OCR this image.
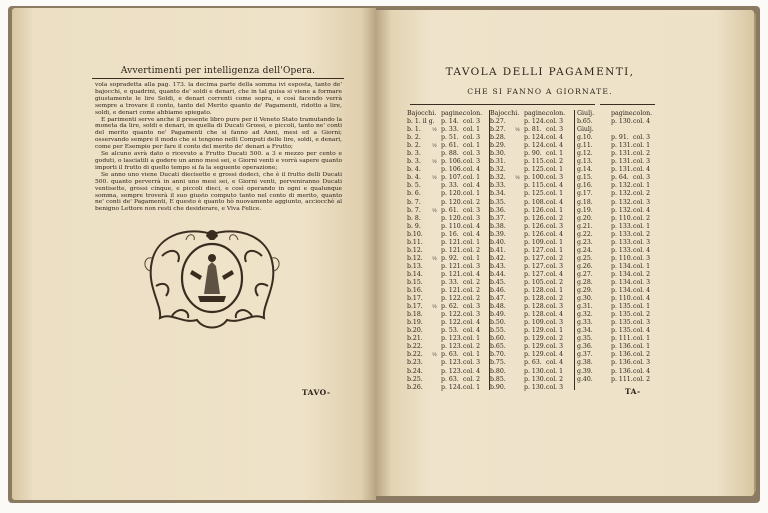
Avvertimenti per intelligenza dell'Opera.

vola sopradetta alla pag. 173. la decima parte della somma ivi esposta, tanto de' bajocchi, e quadrini, quanto de' soldi e denari, che in tal guisa si viene a formare giustamente le lire Soldi, e denari correnti come sopra, e così facendo verrà sempre a trovare il conto, tanto del Merito quanto de' Pagamenti, ridotto a lire, soldi, e denari come abbiamo spiegato.

E parimenti serve anche il presente libro pure per il Veneto Stato tramutando la moneta da lire, soldi e denari, in quella di Ducati Grossi, e piccoli, tanto ne' conti del merito quanto ne' Pagamenti che si fanno ad Anni, mesi ed a Giorni; osservando sempre il modo che si tengono nelli Computi delle lire, soldi, e denari, come per Esempio per fare il conto del merito de' denari a Frutto;

Se alcuno avrà dato o ricevuto a Frutto Ducati 500. a 3 e mezzo per cento e goduti, o lasciatili a godere un anno mesi sei, e Giorni venti e vorrà sapere quanto importi il frutto di quello tempo si fa la seguente operazione;

Se anno uno viene Ducati diecisette e grossi dodeci, che è il frutto delli Ducati 500. quanto perverrà in anni uno mesi sei, e Giorni venti, perveniranno Ducati ventisette, grossi cinque, e piccoli dieci, e così operando in ogni e qualunque somma, sempre troverà il suo giusto computo tanto nel conto di merito, quanto ne' conti de' Pagamenti, E questo è quanto hò nuovamente aggiunto, acciocchè al benigno Lettore non resti che desiderare, e Viva Felice.

TAVO-
TAVOLA DELLI PAGAMENTI,
CHE SI FANNO A GIORNATE.
Bajocchi. pagine.
colon.
b. 1. il g.	p. 14. col. 3
b. 1.	½ p. 33. col. 1
b. 2.	p. 51. col. 3
b. 2.	½ p. 61. col. 1
b. 3.	p. 88. col. 3
b. 3.	½ p. 106. col. 3
b. 4.	p. 106. col. 4
b. 4.	½ p. 107. col. 1
b. 5.	p. 33. col. 4
b. 6.	p. 120. col. 1
b. 7.	p. 120. col. 2
b. 7.	½ p. 61. col. 3
b. 8.	p. 120. col. 3
b. 9.	p. 110. col. 4
b.10.	p. 16. col. 4
b.11.	p. 121. col. 1
b.12.	p. 121. col. 2
b.12.	½ p. 92. col. 1
b.13.	p. 121. col. 3
b.14.	p. 121. col. 4
b.15.	p. 33. col. 2
b.16.	p. 121. col. 2
b.17.	p. 122. col. 2
b.17.	½ p. 62. col. 3
b.18.	p. 122. col. 3
b.19.	p. 122. col. 4
b.20.	p. 53. col. 4
b.21.	p. 123. col. 1
b.22.	p. 123. col. 2
b.22.	½ p. 63. col. 1
b.23.	p. 123. col. 3
b.24.	p. 123. col. 4
b.25.	p. 63. col. 2
b.26.	p. 124. col. 1
Bajocchi. pagine.
colon.
b.27.	p. 124. col. 3
b.27.	½ p. 81. col. 3
b.28.	p. 124. col. 4
b.29.	p. 124. col. 4
b.30.	p. 90. col. 1
b.31.	p. 115. col. 2
b.32.	p. 125. col. 1
b.32.	½ p. 100. col. 3
b.33.	p. 115. col. 4
b.34.	p. 125. col. 1
b.35.	p. 108. col. 4
b.36.	p. 126. col. 1
b.37.	p. 126. col. 2
b.38.	p. 126. col. 3
b.39.	p. 126. col. 4
b.40.	p. 109. col. 1
b.41.	p. 127. col. 1
b.42.	p. 127. col. 2
b.43.	p. 127. col. 3
b.44.	p. 127. col. 4
b.45.	p. 105. col. 2
b.46.	p. 128. col. 1
b.47.	p. 128. col. 2
b.48.	p. 128. col. 3
b.49.	p. 128. col. 4
b.50.	p. 109. col. 3
b.55.	p. 129. col. 1
b.60.	p. 129. col. 2
b.65.	p. 129. col. 3
b.70.	p. 129. col. 4
b.75.	p. 63. col. 4
b.80.	p. 130. col. 1
b.85.	p. 130. col. 2
b.90.	p. 130. col. 3
Giulj.	pagine.
colon.
b.65.	p. 130. col. 4
Giulj.
g.10.	p. 91. col. 3
g.11.	p. 131. col. 1
g.12.	p. 131. col. 2
g.13.	p. 131. col. 3
g.14.	p. 131. col. 4
g.15.	p. 64. col. 3
g.16.	p. 132. col. 1
g.17.	p. 132. col. 2
g.18.	p. 132. col. 3
g.19.	p. 132. col. 4
g.20.	p. 110. col. 2
g.21.	p. 133. col. 1
g.22.	p. 133. col. 2
g.23.	p. 133. col. 3
g.24.	p. 133. col. 4
g.25.	p. 110. col. 3
g.26.	p. 134. col. 1
g.27.	p. 134. col. 2
g.28.	p. 134. col. 3
g.29.	p. 134. col. 4
g.30.	p. 110. col. 4
g.31.	p. 135. col. 1
g.32.	p. 135. col. 2
g.33.	p. 135. col. 3
g.34.	p. 135. col. 4
g.35.	p. 111. col. 1
g.36.	p. 136. col. 1
g.37.	p. 136. col. 2
g.38.	p. 136. col. 3
g.39.	p. 136. col. 4
g.40.	p. 111. col. 2
TA-
